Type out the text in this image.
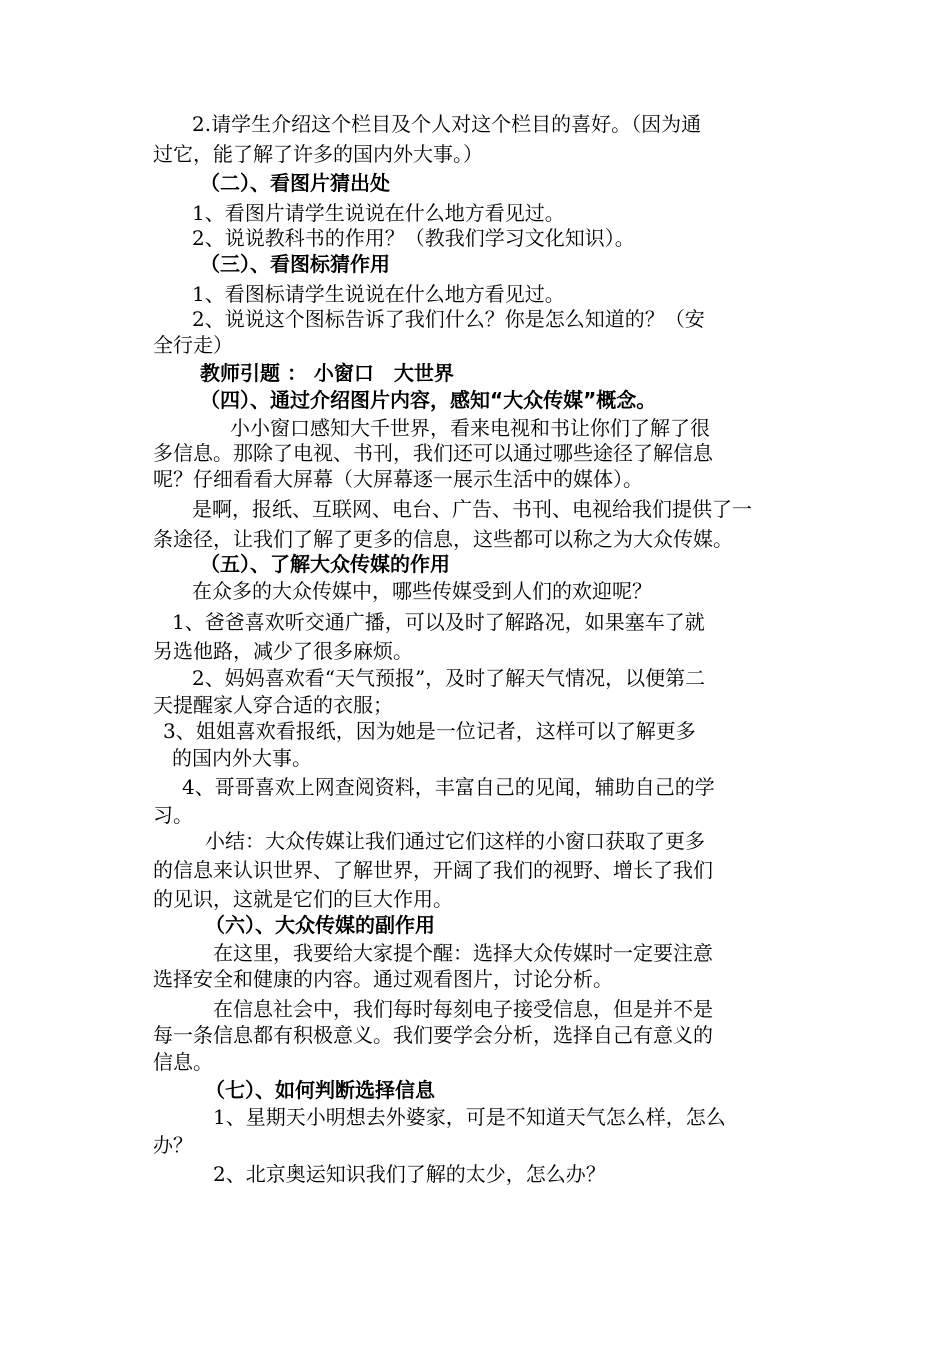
2.请学生介绍这个栏目及个人对这个栏目的喜好。（因为通
过它，能了解了许多的国内外大事。）
（二）、看图片猜出处
1、看图片请学生说说在什么地方看见过。
2、说说教科书的作用？（教我们学习文化知识）。
（三）、看图标猜作用
1、看图标请学生说说在什么地方看见过。
2、说说这个图标告诉了我们什么？你是怎么知道的？（安
全行走）
教师引题 ： 小窗口　大世界
（四）、通过介绍图片内容，感知“大众传媒”概念。
小小窗口感知大千世界，看来电视和书让你们了解了很
多信息。那除了电视、书刊，我们还可以通过哪些途径了解信息
呢？仔细看看大屏幕（大屏幕逐一展示生活中的媒体）。
是啊，报纸、互联网、电台、广告、书刊、电视给我们提供了一
条途径，让我们了解了更多的信息，这些都可以称之为大众传媒。
（五）、了解大众传媒的作用
在众多的大众传媒中，哪些传媒受到人们的欢迎呢？
1、爸爸喜欢听交通广播，可以及时了解路况，如果塞车了就
另选他路，减少了很多麻烦。
2、妈妈喜欢看“天气预报”，及时了解天气情况，以便第二
天提醒家人穿合适的衣服；
3、姐姐喜欢看报纸，因为她是一位记者，这样可以了解更多
的国内外大事。
4、哥哥喜欢上网查阅资料，丰富自己的见闻，辅助自己的学
习。
小结：大众传媒让我们通过它们这样的小窗口获取了更多
的信息来认识世界、了解世界，开阔了我们的视野、增长了我们
的见识，这就是它们的巨大作用。
（六）、大众传媒的副作用
在这里，我要给大家提个醒：选择大众传媒时一定要注意
选择安全和健康的内容。通过观看图片，讨论分析。
在信息社会中，我们每时每刻电子接受信息，但是并不是
每一条信息都有积极意义。我们要学会分析，选择自己有意义的
信息。
（七）、如何判断选择信息
1、星期天小明想去外婆家，可是不知道天气怎么样，怎么
办？
2、北京奥运知识我们了解的太少，怎么办？
